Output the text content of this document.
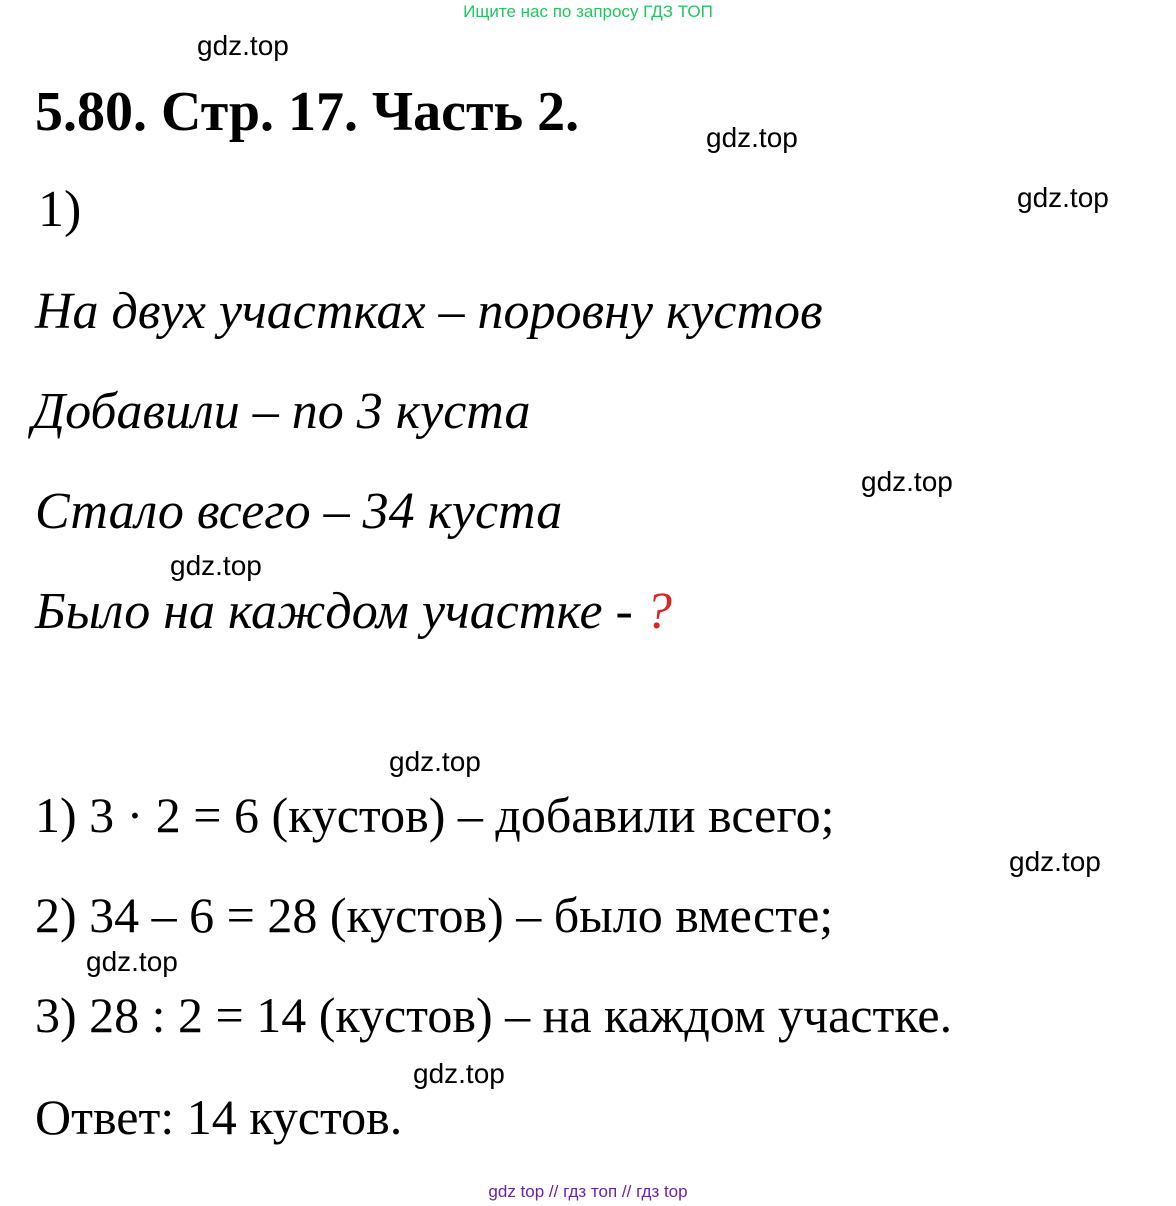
Ищите нас по запросу ГДЗ ТОП
gdz.top
gdz.top
gdz.top
gdz.top
gdz.top
gdz.top
gdz.top
gdz.top
gdz.top
5.80. Стр. 17. Часть 2.
1)
На двух участках – поровну кустов
Добавили – по 3 куста
Стало всего – 34 куста
Было на каждом участке - ?
1) 3 · 2 = 6 (кустов) – добавили всего;
2) 34 – 6 = 28 (кустов) – было вместе;
3) 28 : 2 = 14 (кустов) – на каждом участке.
Ответ: 14 кустов.
gdz top // гдз топ // гдз top
